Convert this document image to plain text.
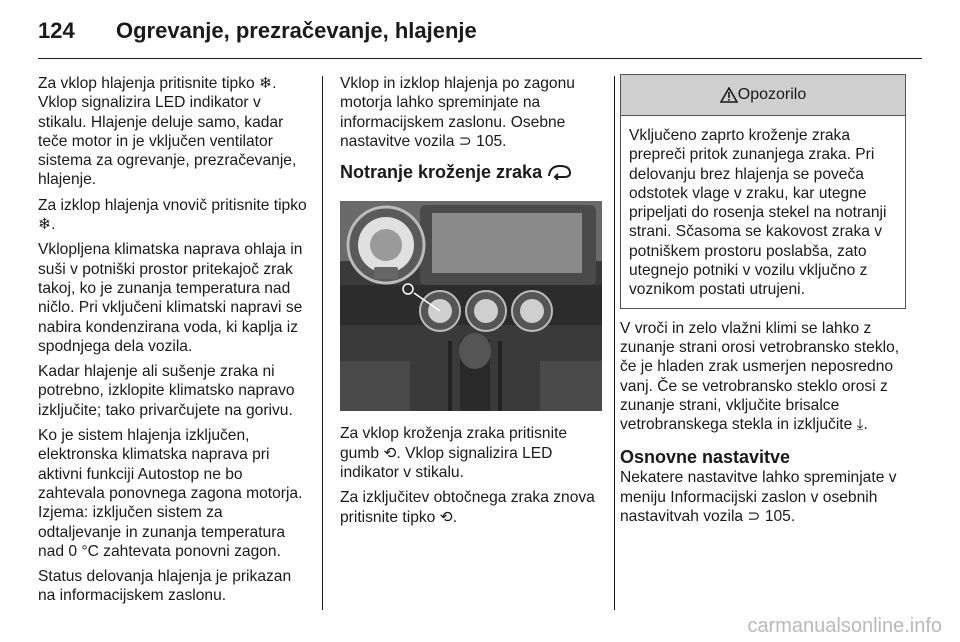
124 Ogrevanje, prezračevanje, hlajenje

Za vklop hlajenja pritisnite tipko ❄. Vklop signalizira LED indikator v stikalu. Hlajenje deluje samo, kadar teče motor in je vključen ventilator sistema za ogrevanje, prezračevanje, hlajenje.

Za izklop hlajenja vnovič pritisnite tipko ❄.

Vklopljena klimatska naprava ohlaja in suši v potniški prostor pritekajoč zrak takoj, ko je zunanja temperatura nad ničlo. Pri vključeni klimatski napravi se nabira kondenzirana voda, ki kaplja iz spodnjega dela vozila.

Kadar hlajenje ali sušenje zraka ni potrebno, izklopite klimatsko napravo izključite; tako privarčujete na gorivu.

Ko je sistem hlajenja izključen, elektronska klimatska naprava pri aktivni funkciji Autostop ne bo zahtevala ponovnega zagona motorja. Izjema: izključen sistem za odtaljevanje in zunanja temperatura nad 0 °C zahtevata ponovni zagon.

Status delovanja hlajenja je prikazan na informacijskem zaslonu.

Vklop in izklop hlajenja po zagonu motorja lahko spreminjate na informacijskem zaslonu. Osebne nastavitve vozila ⊃ 105.

Notranje kroženje zraka

Za vklop kroženja zraka pritisnite gumb ⟲. Vklop signalizira LED indikator v stikalu.

Za izključitev obtočnega zraka znova pritisnite tipko ⟲.

Opozorilo
Vključeno zaprto kroženje zraka prepreči pritok zunanjega zraka. Pri delovanju brez hlajenja se poveča odstotek vlage v zraku, kar utegne pripeljati do rosenja stekel na notranji strani. Sčasoma se kakovost zraka v potniškem prostoru poslabša, zato utegnejo potniki v vozilu vključno z voznikom postati utrujeni.

V vroči in zelo vlažni klimi se lahko z zunanje strani orosi vetrobransko steklo, če je hladen zrak usmerjen neposredno vanj. Če se vetrobransko steklo orosi z zunanje strani, vključite brisalce vetrobranskega stekla in izključite ⤓.

Osnovne nastavitve

Nekatere nastavitve lahko spreminjate v meniju Informacijski zaslon v osebnih nastavitvah vozila ⊃ 105.

carmanualsonline.info
